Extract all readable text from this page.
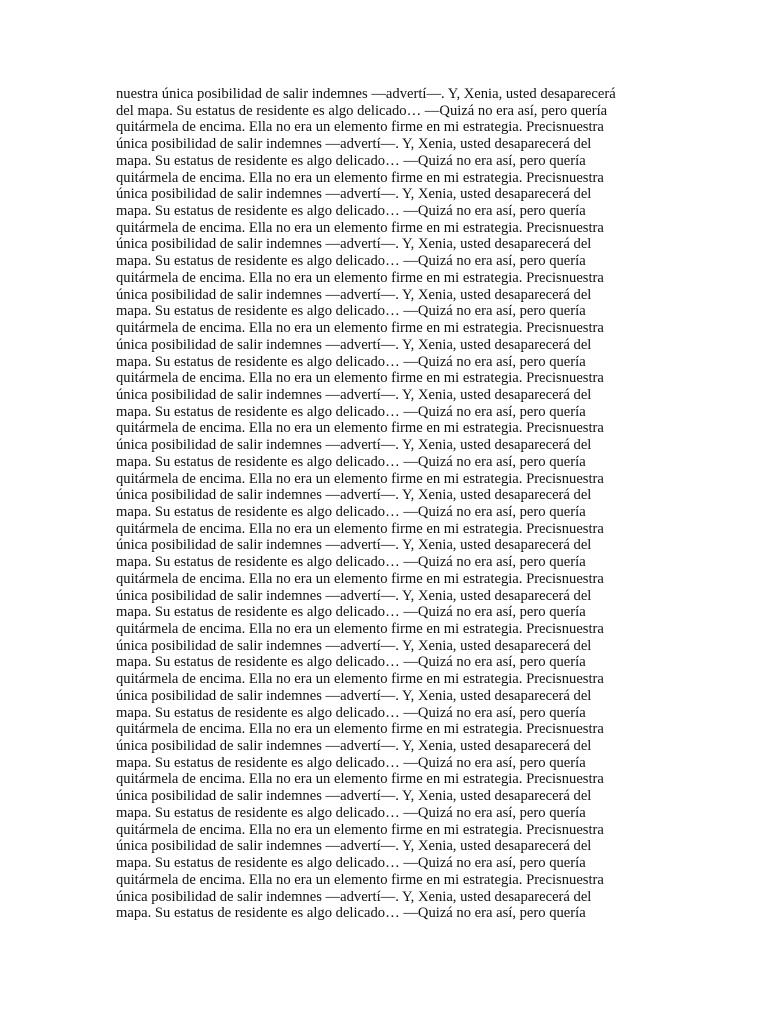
nuestra única posibilidad de salir indemnes —advertí—. Y, Xenia, usted desaparecerá
del mapa. Su estatus de residente es algo delicado… —Quizá no era así, pero quería
quitármela de encima. Ella no era un elemento firme en mi estrategia. Precisnuestra
única posibilidad de salir indemnes —advertí—. Y, Xenia, usted desaparecerá del
mapa. Su estatus de residente es algo delicado… —Quizá no era así, pero quería
quitármela de encima. Ella no era un elemento firme en mi estrategia. Precisnuestra
única posibilidad de salir indemnes —advertí—. Y, Xenia, usted desaparecerá del
mapa. Su estatus de residente es algo delicado… —Quizá no era así, pero quería
quitármela de encima. Ella no era un elemento firme en mi estrategia. Precisnuestra
única posibilidad de salir indemnes —advertí—. Y, Xenia, usted desaparecerá del
mapa. Su estatus de residente es algo delicado… —Quizá no era así, pero quería
quitármela de encima. Ella no era un elemento firme en mi estrategia. Precisnuestra
única posibilidad de salir indemnes —advertí—. Y, Xenia, usted desaparecerá del
mapa. Su estatus de residente es algo delicado… —Quizá no era así, pero quería
quitármela de encima. Ella no era un elemento firme en mi estrategia. Precisnuestra
única posibilidad de salir indemnes —advertí—. Y, Xenia, usted desaparecerá del
mapa. Su estatus de residente es algo delicado… —Quizá no era así, pero quería
quitármela de encima. Ella no era un elemento firme en mi estrategia. Precisnuestra
única posibilidad de salir indemnes —advertí—. Y, Xenia, usted desaparecerá del
mapa. Su estatus de residente es algo delicado… —Quizá no era así, pero quería
quitármela de encima. Ella no era un elemento firme en mi estrategia. Precisnuestra
única posibilidad de salir indemnes —advertí—. Y, Xenia, usted desaparecerá del
mapa. Su estatus de residente es algo delicado… —Quizá no era así, pero quería
quitármela de encima. Ella no era un elemento firme en mi estrategia. Precisnuestra
única posibilidad de salir indemnes —advertí—. Y, Xenia, usted desaparecerá del
mapa. Su estatus de residente es algo delicado… —Quizá no era así, pero quería
quitármela de encima. Ella no era un elemento firme en mi estrategia. Precisnuestra
única posibilidad de salir indemnes —advertí—. Y, Xenia, usted desaparecerá del
mapa. Su estatus de residente es algo delicado… —Quizá no era así, pero quería
quitármela de encima. Ella no era un elemento firme en mi estrategia. Precisnuestra
única posibilidad de salir indemnes —advertí—. Y, Xenia, usted desaparecerá del
mapa. Su estatus de residente es algo delicado… —Quizá no era así, pero quería
quitármela de encima. Ella no era un elemento firme en mi estrategia. Precisnuestra
única posibilidad de salir indemnes —advertí—. Y, Xenia, usted desaparecerá del
mapa. Su estatus de residente es algo delicado… —Quizá no era así, pero quería
quitármela de encima. Ella no era un elemento firme en mi estrategia. Precisnuestra
única posibilidad de salir indemnes —advertí—. Y, Xenia, usted desaparecerá del
mapa. Su estatus de residente es algo delicado… —Quizá no era así, pero quería
quitármela de encima. Ella no era un elemento firme en mi estrategia. Precisnuestra
única posibilidad de salir indemnes —advertí—. Y, Xenia, usted desaparecerá del
mapa. Su estatus de residente es algo delicado… —Quizá no era así, pero quería
quitármela de encima. Ella no era un elemento firme en mi estrategia. Precisnuestra
única posibilidad de salir indemnes —advertí—. Y, Xenia, usted desaparecerá del
mapa. Su estatus de residente es algo delicado… —Quizá no era así, pero quería
quitármela de encima. Ella no era un elemento firme en mi estrategia. Precisnuestra
única posibilidad de salir indemnes —advertí—. Y, Xenia, usted desaparecerá del
mapa. Su estatus de residente es algo delicado… —Quizá no era así, pero quería
quitármela de encima. Ella no era un elemento firme en mi estrategia. Precisnuestra
única posibilidad de salir indemnes —advertí—. Y, Xenia, usted desaparecerá del
mapa. Su estatus de residente es algo delicado… —Quizá no era así, pero quería
